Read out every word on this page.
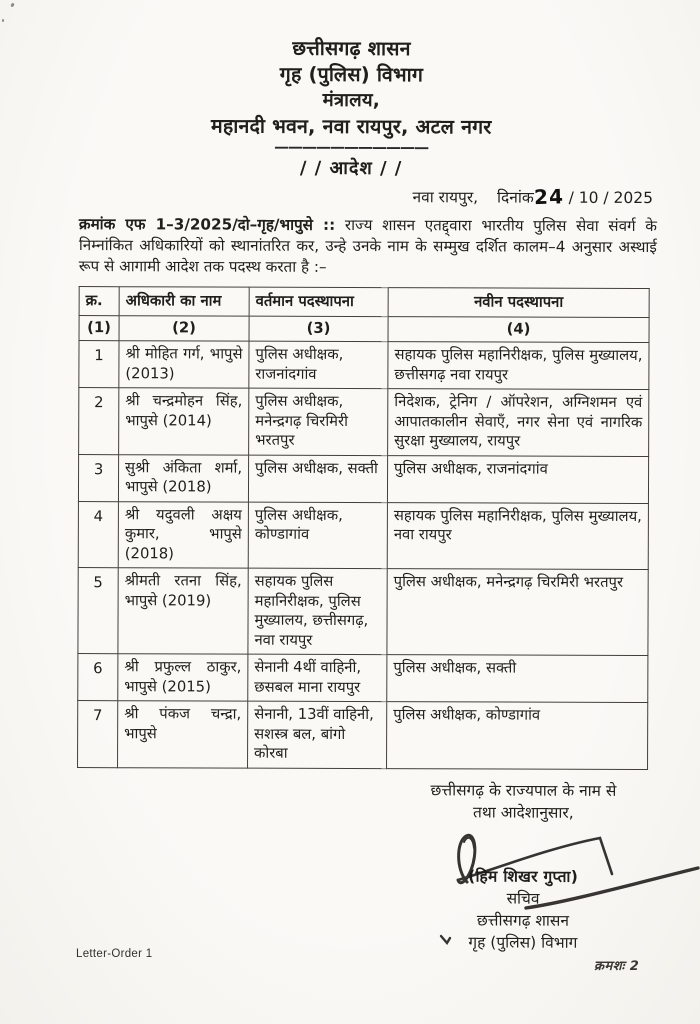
छत्तीसगढ़ शासन
गृह (पुलिस) विभाग
मंत्रालय,
महानदी भवन, नवा रायपुर, अटल नगर
———————————
/ / आदेश / /
नवा रायपुर, दिनांक24 / 10 / 2025
क्रमांक एफ 1–3/2025/दो–गृह/भापुसे :: राज्य शासन एतद्द्वारा भारतीय पुलिस सेवा संवर्ग के निम्नांकित अधिकारियों को स्थानांतरित कर, उन्हे उनके नाम के सम्मुख दर्शित कालम–4 अनुसार अस्थाई रूप से आगामी आदेश तक पदस्थ करता है :–
क्र.	अधिकारी का नाम	वर्तमान पदस्थापना	नवीन पदस्थापना
(1)	(2)	(3)	(4)
1	श्री मोहित गर्ग, भापुसे (2013)	पुलिस अधीक्षक, राजनांदगांव	सहायक पुलिस महानिरीक्षक, पुलिस मुख्यालय, छत्तीसगढ़ नवा रायपुर
2	श्री चन्द्रमोहन सिंह, भापुसे (2014)	पुलिस अधीक्षक, मनेन्द्रगढ़ चिरमिरी भरतपुर	निदेशक, ट्रेनिग / ऑपरेशन, अग्निशमन एवं आपातकालीन सेवाएँ, नगर सेना एवं नागरिक सुरक्षा मुख्यालय, रायपुर
3	सुश्री अंकिता शर्मा, भापुसे (2018)	पुलिस अधीक्षक, सक्ती	पुलिस अधीक्षक, राजनांदगांव
4	श्री यदुवली अक्षय कुमार, भापुसे (2018)	पुलिस अधीक्षक, कोण्डागांव	सहायक पुलिस महानिरीक्षक, पुलिस मुख्यालय, नवा रायपुर
5	श्रीमती रतना सिंह, भापुसे (2019)	सहायक पुलिस महानिरीक्षक, पुलिस मुख्यालय, छत्तीसगढ़, नवा रायपुर	पुलिस अधीक्षक, मनेन्द्रगढ़ चिरमिरी भरतपुर
6	श्री प्रफुल्ल ठाकुर, भापुसे (2015)	सेनानी 4थीं वाहिनी, छसबल माना रायपुर	पुलिस अधीक्षक, सक्ती
7	श्री पंकज चन्द्रा, भापुसे	सेनानी, 13वीं वाहिनी, सशस्त्र बल, बांगो कोरबा	पुलिस अधीक्षक, कोण्डागांव
छत्तीसगढ़ के राज्यपाल के नाम से
तथा आदेशानुसार,
(हिम शिखर गुप्ता)
सचिव
छत्तीसगढ़ शासन
गृह (पुलिस) विभाग
क्रमशः 2
Letter-Order 1
